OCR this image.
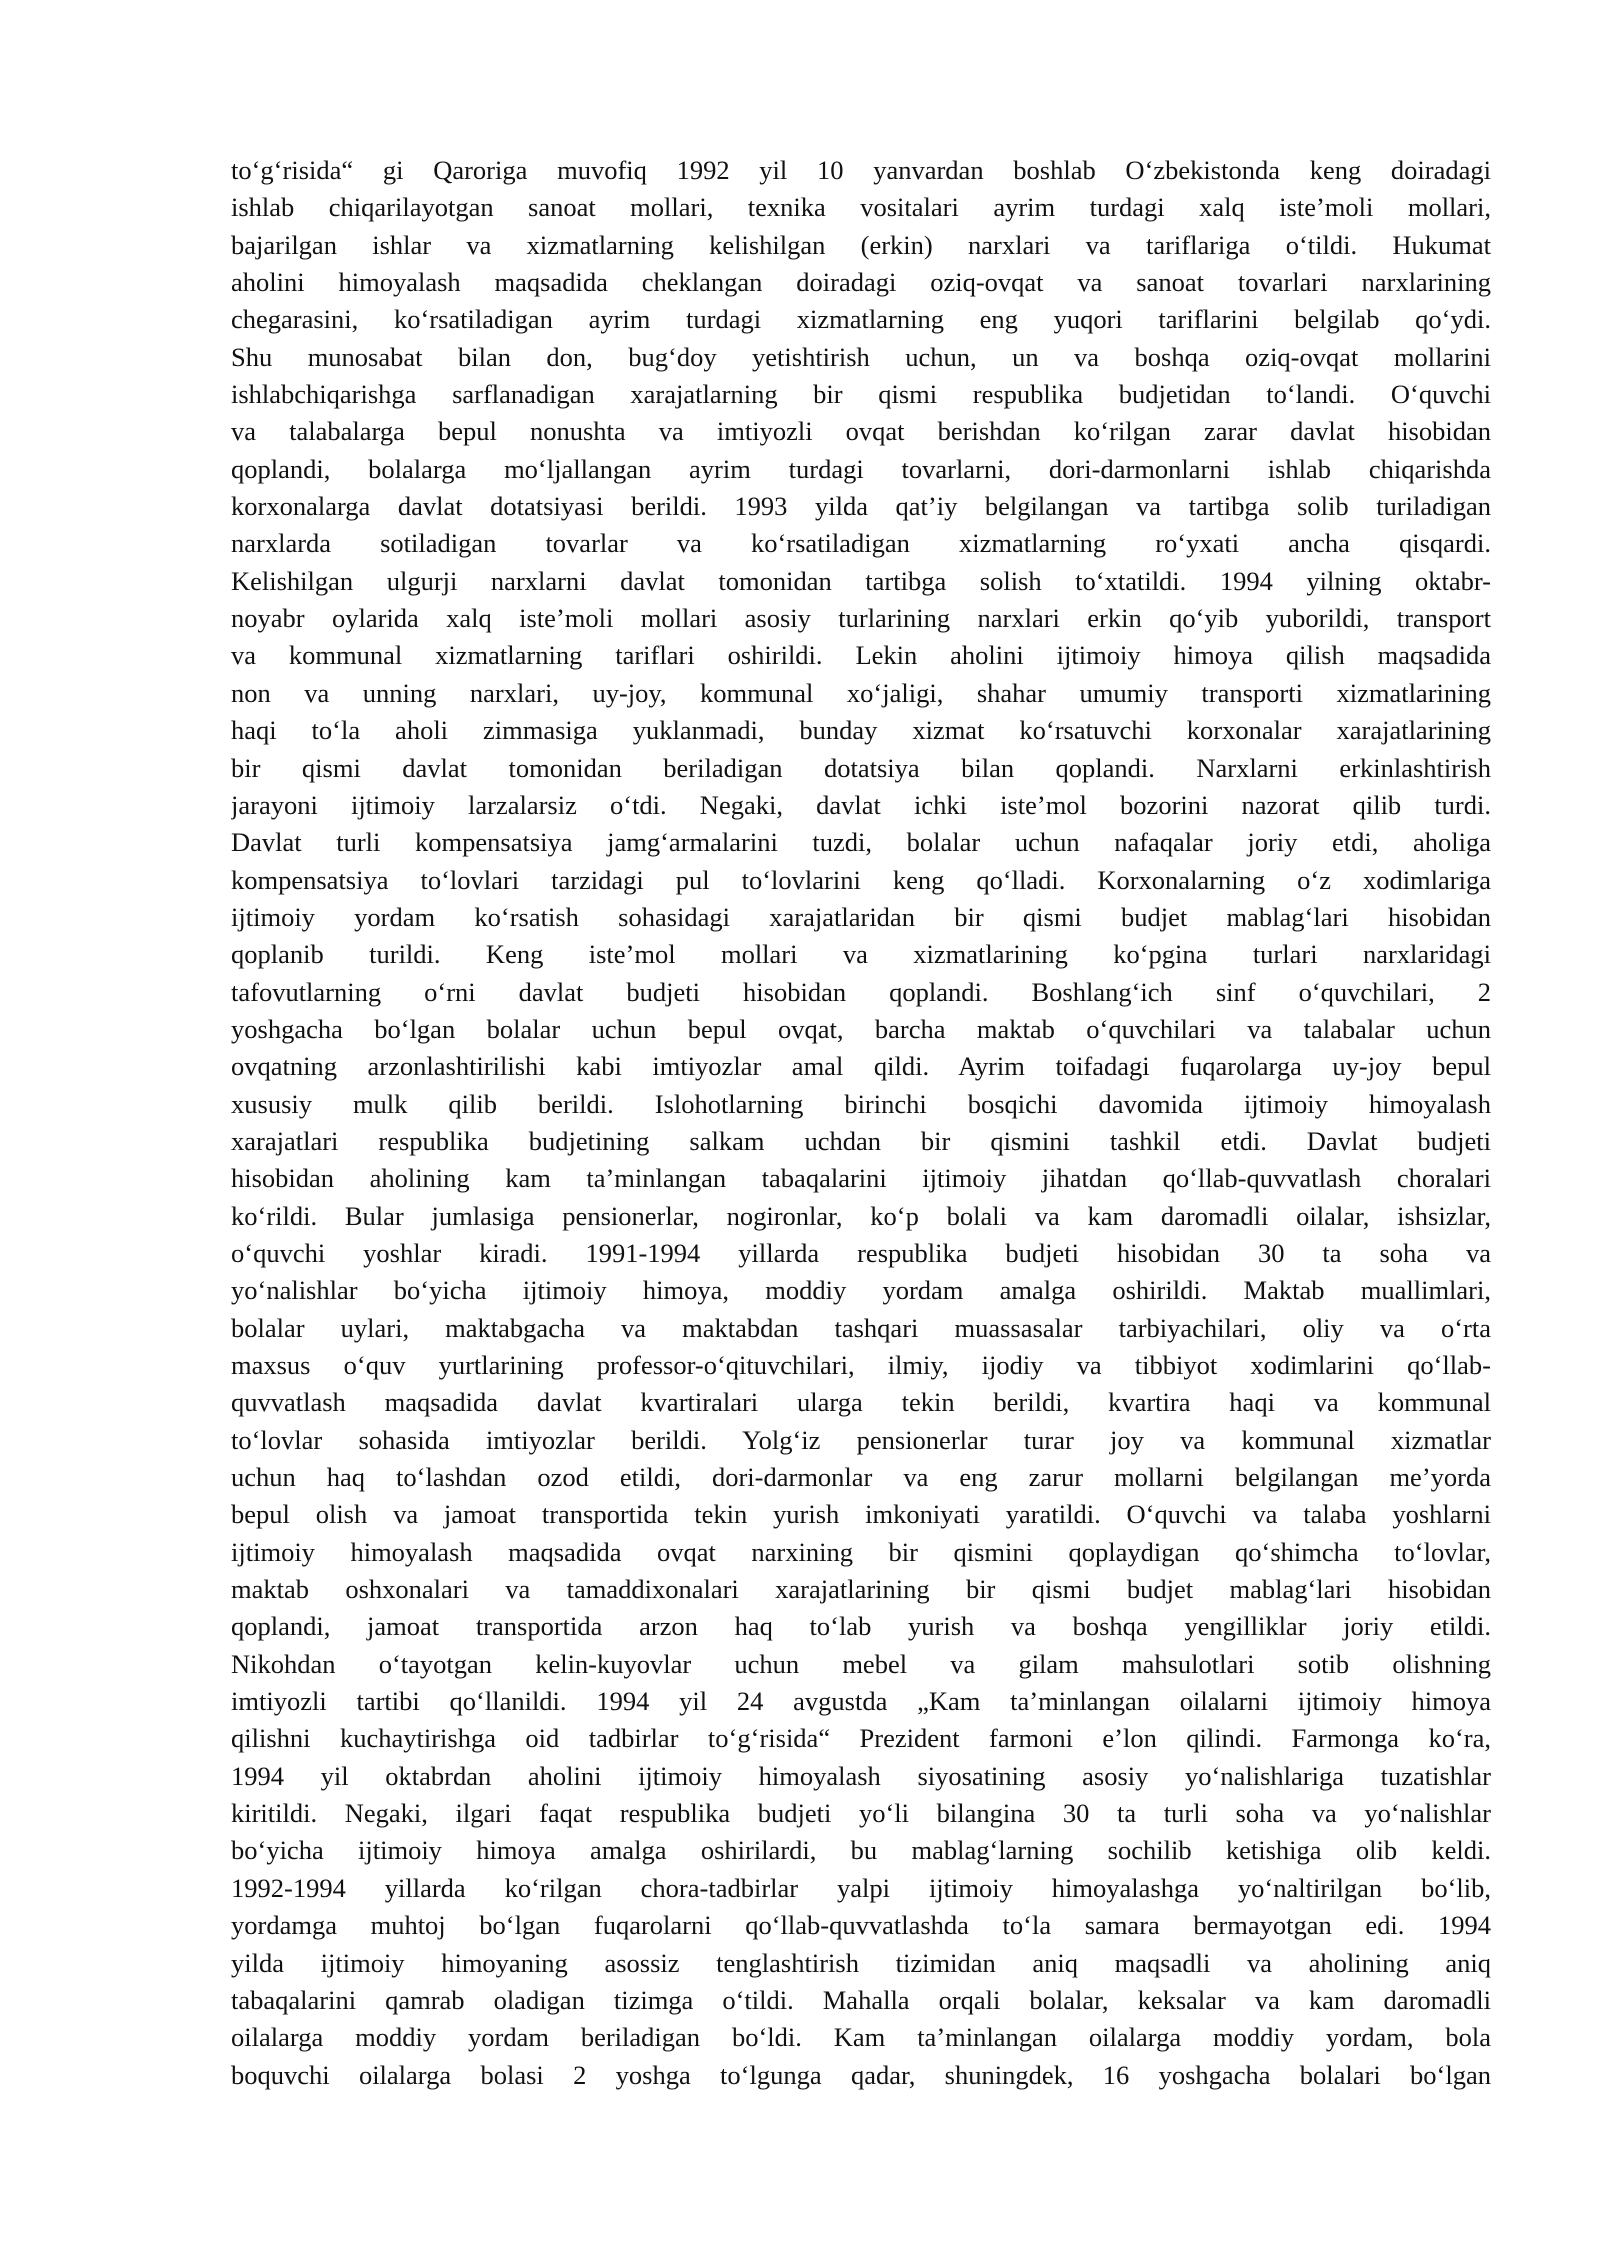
to‘g‘risida“ gi Qaroriga muvofiq 1992 yil 10 yanvardan boshlab O‘zbekistonda keng doiradagi
ishlab chiqarilayotgan sanoat mollari, texnika vositalari ayrim turdagi xalq iste’moli mollari,
bajarilgan ishlar va xizmatlarning kelishilgan (erkin) narxlari va tariflariga o‘tildi. Hukumat
aholini himoyalash maqsadida cheklangan doiradagi oziq-ovqat va sanoat tovarlari narxlarining
chegarasini, ko‘rsatiladigan ayrim turdagi xizmatlarning eng yuqori tariflarini belgilab qo‘ydi.
Shu munosabat bilan don, bug‘doy yetishtirish uchun, un va boshqa oziq-ovqat mollarini
ishlabchiqarishga sarflanadigan xarajatlarning bir qismi respublika budjetidan to‘landi. O‘quvchi
va talabalarga bepul nonushta va imtiyozli ovqat berishdan ko‘rilgan zarar davlat hisobidan
qoplandi, bolalarga mo‘ljallangan ayrim turdagi tovarlarni, dori-darmonlarni ishlab chiqarishda
korxonalarga davlat dotatsiyasi berildi. 1993 yilda qat’iy belgilangan va tartibga solib turiladigan
narxlarda sotiladigan tovarlar va ko‘rsatiladigan xizmatlarning ro‘yxati ancha qisqardi.
Kelishilgan ulgurji narxlarni davlat tomonidan tartibga solish to‘xtatildi. 1994 yilning oktabr-
noyabr oylarida xalq iste’moli mollari asosiy turlarining narxlari erkin qo‘yib yuborildi, transport
va kommunal xizmatlarning tariflari oshirildi. Lekin aholini ijtimoiy himoya qilish maqsadida
non va unning narxlari, uy-joy, kommunal xo‘jaligi, shahar umumiy transporti xizmatlarining
haqi to‘la aholi zimmasiga yuklanmadi, bunday xizmat ko‘rsatuvchi korxonalar xarajatlarining
bir qismi davlat tomonidan beriladigan dotatsiya bilan qoplandi. Narxlarni erkinlashtirish
jarayoni ijtimoiy larzalarsiz o‘tdi. Negaki, davlat ichki iste’mol bozorini nazorat qilib turdi.
Davlat turli kompensatsiya jamg‘armalarini tuzdi, bolalar uchun nafaqalar joriy etdi, aholiga
kompensatsiya to‘lovlari tarzidagi pul to‘lovlarini keng qo‘lladi. Korxonalarning o‘z xodimlariga
ijtimoiy yordam ko‘rsatish sohasidagi xarajatlaridan bir qismi budjet mablag‘lari hisobidan
qoplanib turildi. Keng iste’mol mollari va xizmatlarining ko‘pgina turlari narxlaridagi
tafovutlarning o‘rni davlat budjeti hisobidan qoplandi. Boshlang‘ich sinf o‘quvchilari, 2
yoshgacha bo‘lgan bolalar uchun bepul ovqat, barcha maktab o‘quvchilari va talabalar uchun
ovqatning arzonlashtirilishi kabi imtiyozlar amal qildi. Ayrim toifadagi fuqarolarga uy-joy bepul
xususiy mulk qilib berildi. Islohotlarning birinchi bosqichi davomida ijtimoiy himoyalash
xarajatlari respublika budjetining salkam uchdan bir qismini tashkil etdi. Davlat budjeti
hisobidan aholining kam ta’minlangan tabaqalarini ijtimoiy jihatdan qo‘llab-quvvatlash choralari
ko‘rildi. Bular jumlasiga pensionerlar, nogironlar, ko‘p bolali va kam daromadli oilalar, ishsizlar,
o‘quvchi yoshlar kiradi. 1991-1994 yillarda respublika budjeti hisobidan 30 ta soha va
yo‘nalishlar bo‘yicha ijtimoiy himoya, moddiy yordam amalga oshirildi. Maktab muallimlari,
bolalar uylari, maktabgacha va maktabdan tashqari muassasalar tarbiyachilari, oliy va o‘rta
maxsus o‘quv yurtlarining professor-o‘qituvchilari, ilmiy, ijodiy va tibbiyot xodimlarini qo‘llab-
quvvatlash maqsadida davlat kvartiralari ularga tekin berildi, kvartira haqi va kommunal
to‘lovlar sohasida imtiyozlar berildi. Yolg‘iz pensionerlar turar joy va kommunal xizmatlar
uchun haq to‘lashdan ozod etildi, dori-darmonlar va eng zarur mollarni belgilangan me’yorda
bepul olish va jamoat transportida tekin yurish imkoniyati yaratildi. O‘quvchi va talaba yoshlarni
ijtimoiy himoyalash maqsadida ovqat narxining bir qismini qoplaydigan qo‘shimcha to‘lovlar,
maktab oshxonalari va tamaddixonalari xarajatlarining bir qismi budjet mablag‘lari hisobidan
qoplandi, jamoat transportida arzon haq to‘lab yurish va boshqa yengilliklar joriy etildi.
Nikohdan o‘tayotgan kelin-kuyovlar uchun mebel va gilam mahsulotlari sotib olishning
imtiyozli tartibi qo‘llanildi. 1994 yil 24 avgustda „Kam ta’minlangan oilalarni ijtimoiy himoya
qilishni kuchaytirishga oid tadbirlar to‘g‘risida“ Prezident farmoni e’lon qilindi. Farmonga ko‘ra,
1994 yil oktabrdan aholini ijtimoiy himoyalash siyosatining asosiy yo‘nalishlariga tuzatishlar
kiritildi. Negaki, ilgari faqat respublika budjeti yo‘li bilangina 30 ta turli soha va yo‘nalishlar
bo‘yicha ijtimoiy himoya amalga oshirilardi, bu mablag‘larning sochilib ketishiga olib keldi.
1992-1994 yillarda ko‘rilgan chora-tadbirlar yalpi ijtimoiy himoyalashga yo‘naltirilgan bo‘lib,
yordamga muhtoj bo‘lgan fuqarolarni qo‘llab-quvvatlashda to‘la samara bermayotgan edi. 1994
yilda ijtimoiy himoyaning asossiz tenglashtirish tizimidan aniq maqsadli va aholining aniq
tabaqalarini qamrab oladigan tizimga o‘tildi. Mahalla orqali bolalar, keksalar va kam daromadli
oilalarga moddiy yordam beriladigan bo‘ldi. Kam ta’minlangan oilalarga moddiy yordam, bola
boquvchi oilalarga bolasi 2 yoshga to‘lgunga qadar, shuningdek, 16 yoshgacha bolalari bo‘lgan
